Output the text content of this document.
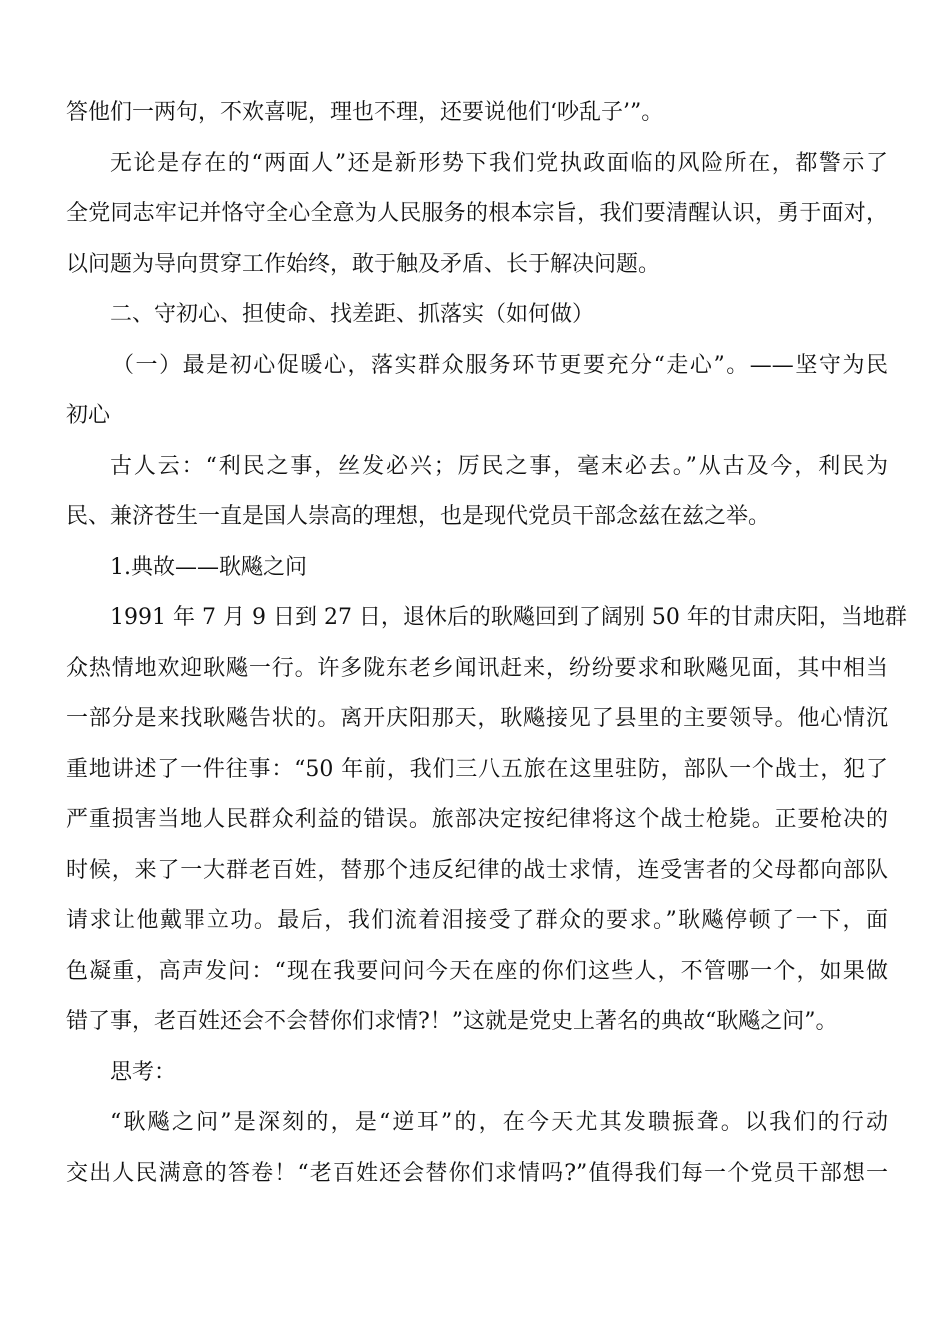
答他们一两句，不欢喜呢，理也不理，还要说他们‘吵乱子’”。
无论是存在的“两面人”还是新形势下我们党执政面临的风险所在，都警示了
全党同志牢记并恪守全心全意为人民服务的根本宗旨，我们要清醒认识，勇于面对，
以问题为导向贯穿工作始终，敢于触及矛盾、长于解决问题。
二、守初心、担使命、找差距、抓落实（如何做）
（一）最是初心促暖心，落实群众服务环节更要充分“走心”。——坚守为民
初心
古人云：“利民之事，丝发必兴；厉民之事，毫末必去。”从古及今，利民为
民、兼济苍生一直是国人崇高的理想，也是现代党员干部念兹在兹之举。
1.典故——耿飚之问
1991 年 7 月 9 日到 27 日，退休后的耿飚回到了阔别 50 年的甘肃庆阳，当地群
众热情地欢迎耿飚一行。许多陇东老乡闻讯赶来，纷纷要求和耿飚见面，其中相当
一部分是来找耿飚告状的。离开庆阳那天，耿飚接见了县里的主要领导。他心情沉
重地讲述了一件往事：“50 年前，我们三八五旅在这里驻防，部队一个战士，犯了
严重损害当地人民群众利益的错误。旅部决定按纪律将这个战士枪毙。正要枪决的
时候，来了一大群老百姓，替那个违反纪律的战士求情，连受害者的父母都向部队
请求让他戴罪立功。最后，我们流着泪接受了群众的要求。”耿飚停顿了一下，面
色凝重，高声发问：“现在我要问问今天在座的你们这些人，不管哪一个，如果做
错了事，老百姓还会不会替你们求情?！”这就是党史上著名的典故“耿飚之问”。
思考：
“耿飚之问”是深刻的，是“逆耳”的，在今天尤其发聩振聋。以我们的行动
交出人民满意的答卷！“老百姓还会替你们求情吗?”值得我们每一个党员干部想一
